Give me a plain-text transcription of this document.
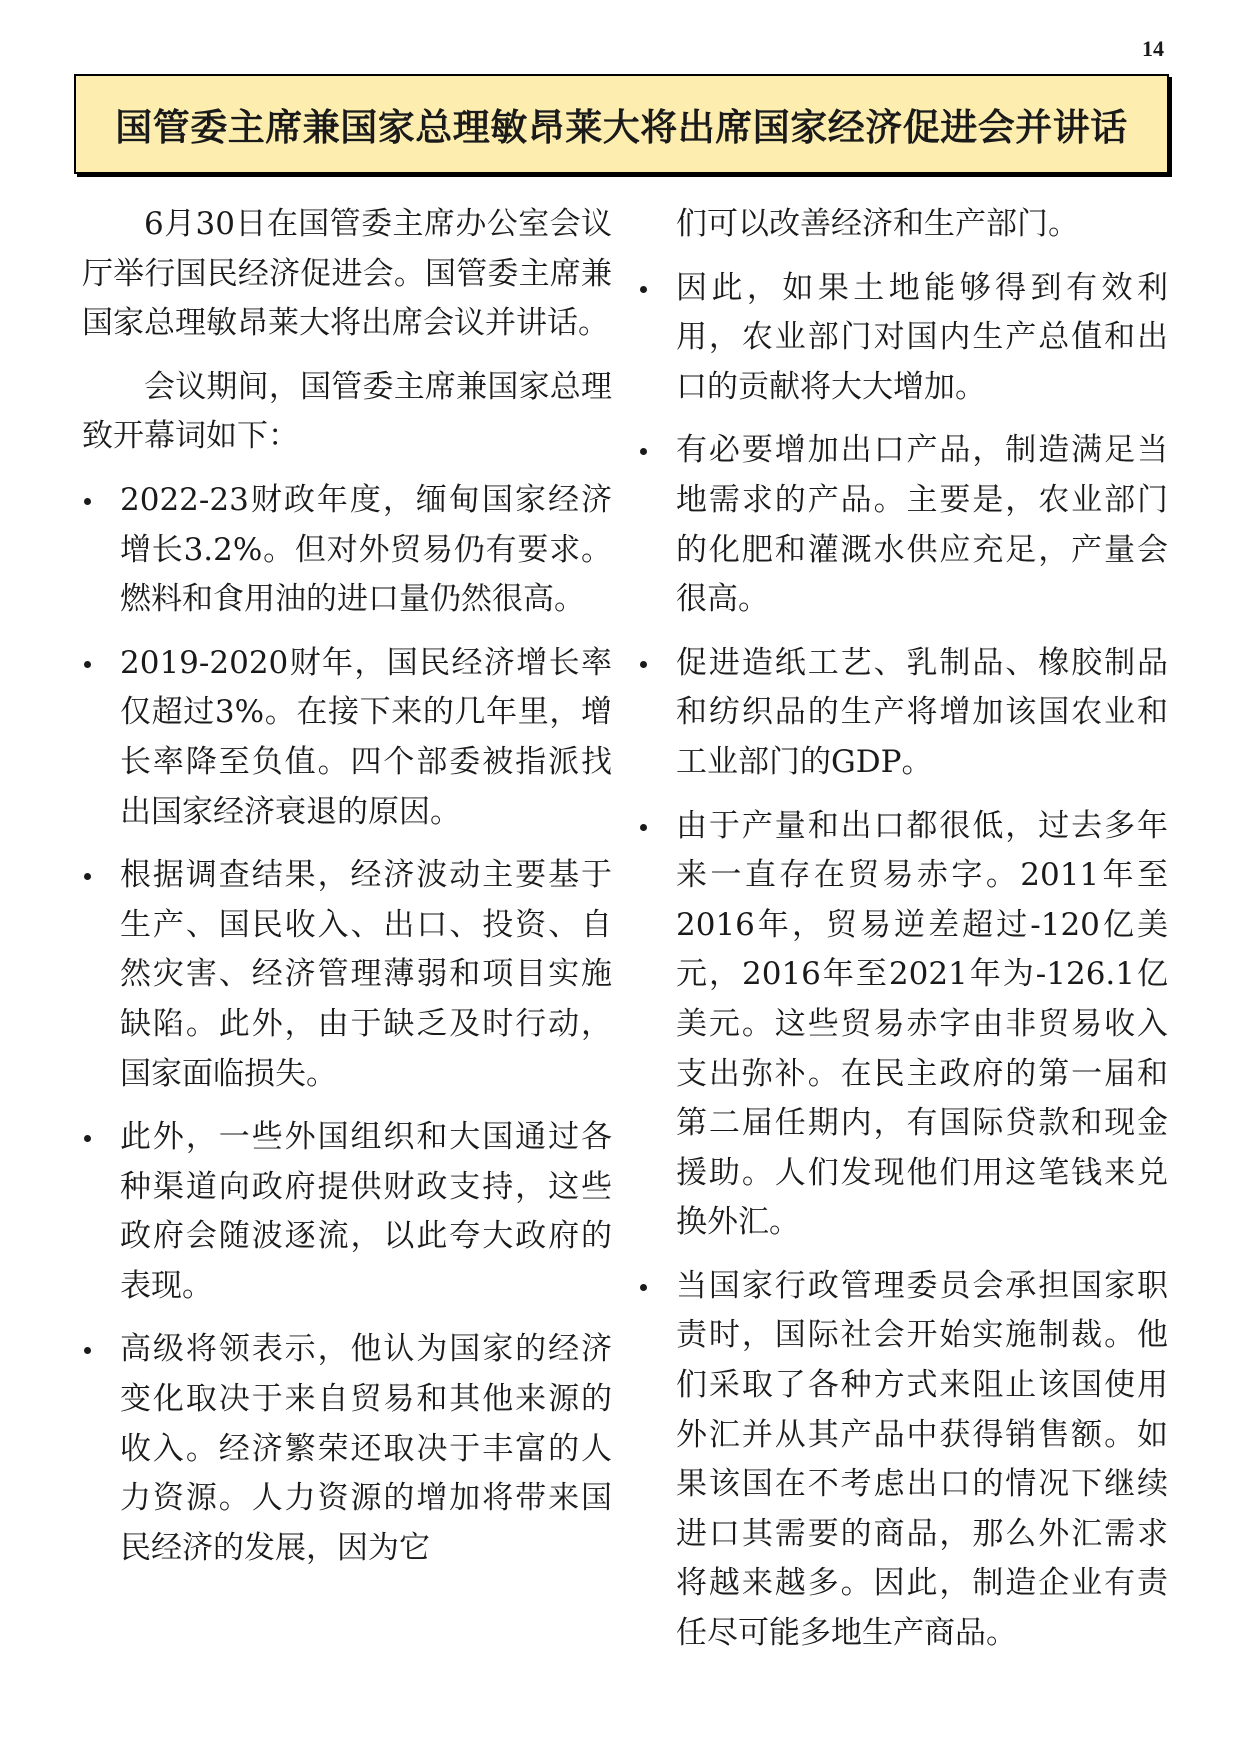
14
国管委主席兼国家总理敏昂莱大将出席国家经济促进会并讲话

6月30日在国管委主席办公室会议厅举行国民经济促进会。国管委主席兼国家总理敏昂莱大将出席会议并讲话。

会议期间，国管委主席兼国家总理致开幕词如下：

2022-23财政年度，缅甸国家经济增长3.2%。但对外贸易仍有要求。燃料和食用油的进口量仍然很高。
2019-2020财年，国民经济增长率仅超过3%。在接下来的几年里，增长率降至负值。四个部委被指派找出国家经济衰退的原因。
根据调查结果，经济波动主要基于生产、国民收入、出口、投资、自然灾害、经济管理薄弱和项目实施缺陷。此外，由于缺乏及时行动，国家面临损失。
此外，一些外国组织和大国通过各种渠道向政府提供财政支持，这些政府会随波逐流，以此夸大政府的表现。
高级将领表示，他认为国家的经济变化取决于来自贸易和其他来源的收入。经济繁荣还取决于丰富的人力资源。人力资源的增加将带来国民经济的发展，因为它

们可以改善经济和生产部门。

因此，如果土地能够得到有效利用，农业部门对国内生产总值和出口的贡献将大大增加。
有必要增加出口产品，制造满足当地需求的产品。主要是，农业部门的化肥和灌溉水供应充足，产量会很高。
促进造纸工艺、乳制品、橡胶制品和纺织品的生产将增加该国农业和工业部门的GDP。
由于产量和出口都很低，过去多年来一直存在贸易赤字。2011年至2016年，贸易逆差超过-120亿美元，2016年至2021年为-126.1亿美元。这些贸易赤字由非贸易收入支出弥补。在民主政府的第一届和第二届任期内，有国际贷款和现金援助。人们发现他们用这笔钱来兑换外汇。
当国家行政管理委员会承担国家职责时，国际社会开始实施制裁。他们采取了各种方式来阻止该国使用外汇并从其产品中获得销售额。如果该国在不考虑出口的情况下继续进口其需要的商品，那么外汇需求将越来越多。因此，制造企业有责任尽可能多地生产商品。
